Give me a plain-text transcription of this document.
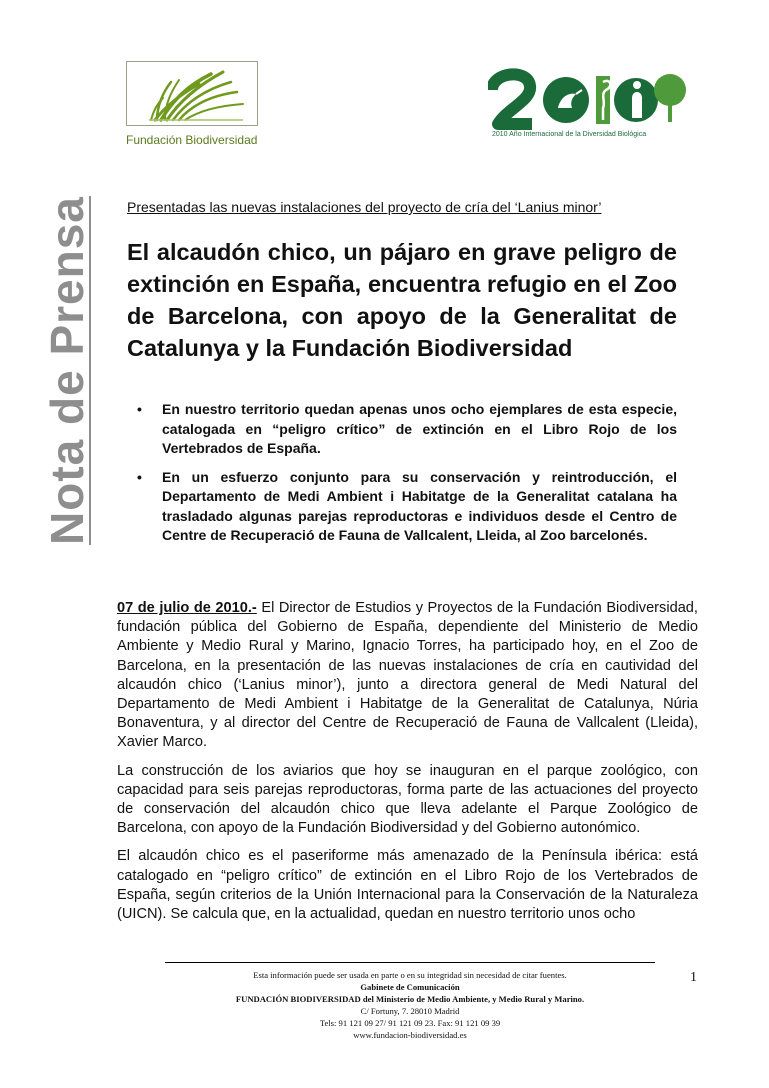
Fundación Biodiversidad	2010 Año Internacional de la Diversidad Biológica
Nota de Prensa Presentadas las nuevas instalaciones del proyecto de cría del ‘Lanius minor’
El alcaudón chico, un pájaro en grave peligro de extinción en España, encuentra refugio en el Zoo de Barcelona, con apoyo de la Generalitat de Catalunya y la Fundación Biodiversidad
• En nuestro territorio quedan apenas unos ocho ejemplares de esta especie, catalogada en “peligro crítico” de extinción en el Libro Rojo de los Vertebrados de España.
• En un esfuerzo conjunto para su conservación y reintroducción, el Departamento de Medi Ambient i Habitatge de la Generalitat catalana ha trasladado algunas parejas reproductoras e individuos desde el Centro de Centre de Recuperació de Fauna de Vallcalent, Lleida, al Zoo barcelonés.

07 de julio de 2010.- El Director de Estudios y Proyectos de la Fundación Biodiversidad, fundación pública del Gobierno de España, dependiente del Ministerio de Medio Ambiente y Medio Rural y Marino, Ignacio Torres, ha participado hoy, en el Zoo de Barcelona, en la presentación de las nuevas instalaciones de cría en cautividad del alcaudón chico (‘Lanius minor’), junto a directora general de Medi Natural del Departamento de Medi Ambient i Habitatge de la Generalitat de Catalunya, Núria Bonaventura, y al director del Centre de Recuperació de Fauna de Vallcalent (Lleida), Xavier Marco.

La construcción de los aviarios que hoy se inauguran en el parque zoológico, con capacidad para seis parejas reproductoras, forma parte de las actuaciones del proyecto de conservación del alcaudón chico que lleva adelante el Parque Zoológico de Barcelona, con apoyo de la Fundación Biodiversidad y del Gobierno autonómico.

El alcaudón chico es el paseriforme más amenazado de la Península ibérica: está catalogado en “peligro crítico” de extinción en el Libro Rojo de los Vertebrados de España, según criterios de la Unión Internacional para la Conservación de la Naturaleza (UICN). Se calcula que, en la actualidad, quedan en nuestro territorio unos ocho

Esta información puede ser usada en parte o en su integridad sin necesidad de citar fuentes.
Gabinete de Comunicación
FUNDACIÓN BIODIVERSIDAD del Ministerio de Medio Ambiente, y Medio Rural y Marino.
C/ Fortuny, 7. 28010 Madrid
Tels: 91 121 09 27/ 91 121 09 23. Fax: 91 121 09 39
www.fundacion-biodiversidad.es
1
